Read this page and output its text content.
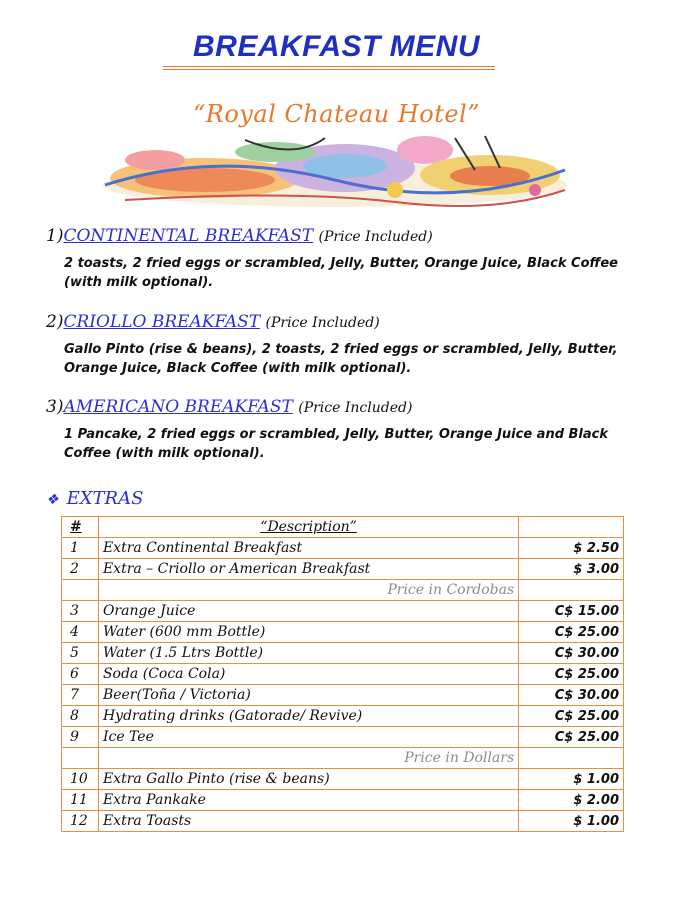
BREAKFAST MENU
“Royal Chateau Hotel”
1)CONTINENTAL BREAKFAST (Price Included)
2 toasts, 2 fried eggs or scrambled, Jelly, Butter, Orange Juice, Black Coffee (with milk optional).
2)CRIOLLO BREAKFAST (Price Included)
Gallo Pinto (rise & beans), 2 toasts, 2 fried eggs or scrambled, Jelly, Butter, Orange Juice, Black Coffee (with milk optional).
3)AMERICANO BREAKFAST (Price Included)
1 Pancake, 2 fried eggs or scrambled, Jelly, Butter, Orange Juice and Black Coffee (with milk optional).
❖ EXTRAS
#	“Description”	
1	Extra Continental Breakfast	$ 2.50
2	Extra – Criollo or American Breakfast	$ 3.00
	Price in Cordobas	
3	Orange Juice	C$ 15.00
4	Water (600 mm Bottle)	C$ 25.00
5	Water (1.5 Ltrs Bottle)	C$ 30.00
6	Soda (Coca Cola)	C$ 25.00
7	Beer(Toña / Victoria)	C$ 30.00
8	Hydrating drinks (Gatorade/ Revive)	C$ 25.00
9	Ice Tee	C$ 25.00
	Price in Dollars	
10	Extra Gallo Pinto (rise & beans)	$ 1.00
11	Extra Pankake	$ 2.00
12	Extra Toasts	$ 1.00
